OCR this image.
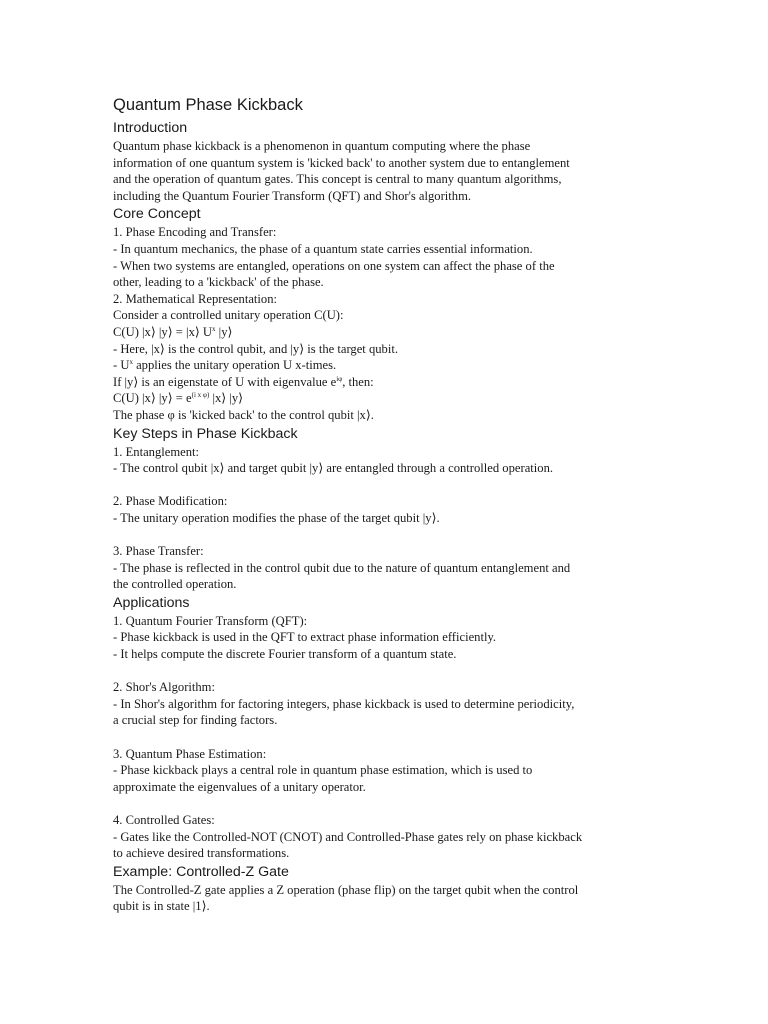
Quantum Phase Kickback
Introduction

Quantum phase kickback is a phenomenon in quantum computing where the phase
information of one quantum system is 'kicked back' to another system due to entanglement
and the operation of quantum gates. This concept is central to many quantum algorithms,
including the Quantum Fourier Transform (QFT) and Shor's algorithm.

Core Concept

1. Phase Encoding and Transfer:
- In quantum mechanics, the phase of a quantum state carries essential information.
- When two systems are entangled, operations on one system can affect the phase of the
other, leading to a 'kickback' of the phase.
2. Mathematical Representation:
Consider a controlled unitary operation C(U):
C(U) |x⟩ |y⟩ = |x⟩ $U^x$ |y⟩
- Here, |x⟩ is the control qubit, and |y⟩ is the target qubit.
- $U^x$ applies the unitary operation U x-times.
If |y⟩ is an eigenstate of U with eigenvalue $e^{i\varphi}$, then:
C(U) |x⟩ |y⟩ = $e^{(i x \varphi)}$ |x⟩ |y⟩
The phase φ is 'kicked back' to the control qubit |x⟩.

Key Steps in Phase Kickback

1. Entanglement:
- The control qubit |x⟩ and target qubit |y⟩ are entangled through a controlled operation.
2. Phase Modification:
- The unitary operation modifies the phase of the target qubit |y⟩.
3. Phase Transfer:
- The phase is reflected in the control qubit due to the nature of quantum entanglement and
the controlled operation.

Applications

1. Quantum Fourier Transform (QFT):
- Phase kickback is used in the QFT to extract phase information efficiently.
- It helps compute the discrete Fourier transform of a quantum state.
2. Shor's Algorithm:
- In Shor's algorithm for factoring integers, phase kickback is used to determine periodicity,
a crucial step for finding factors.
3. Quantum Phase Estimation:
- Phase kickback plays a central role in quantum phase estimation, which is used to
approximate the eigenvalues of a unitary operator.
4. Controlled Gates:
- Gates like the Controlled-NOT (CNOT) and Controlled-Phase gates rely on phase kickback
to achieve desired transformations.

Example: Controlled-Z Gate

The Controlled-Z gate applies a Z operation (phase flip) on the target qubit when the control
qubit is in state |1⟩.
